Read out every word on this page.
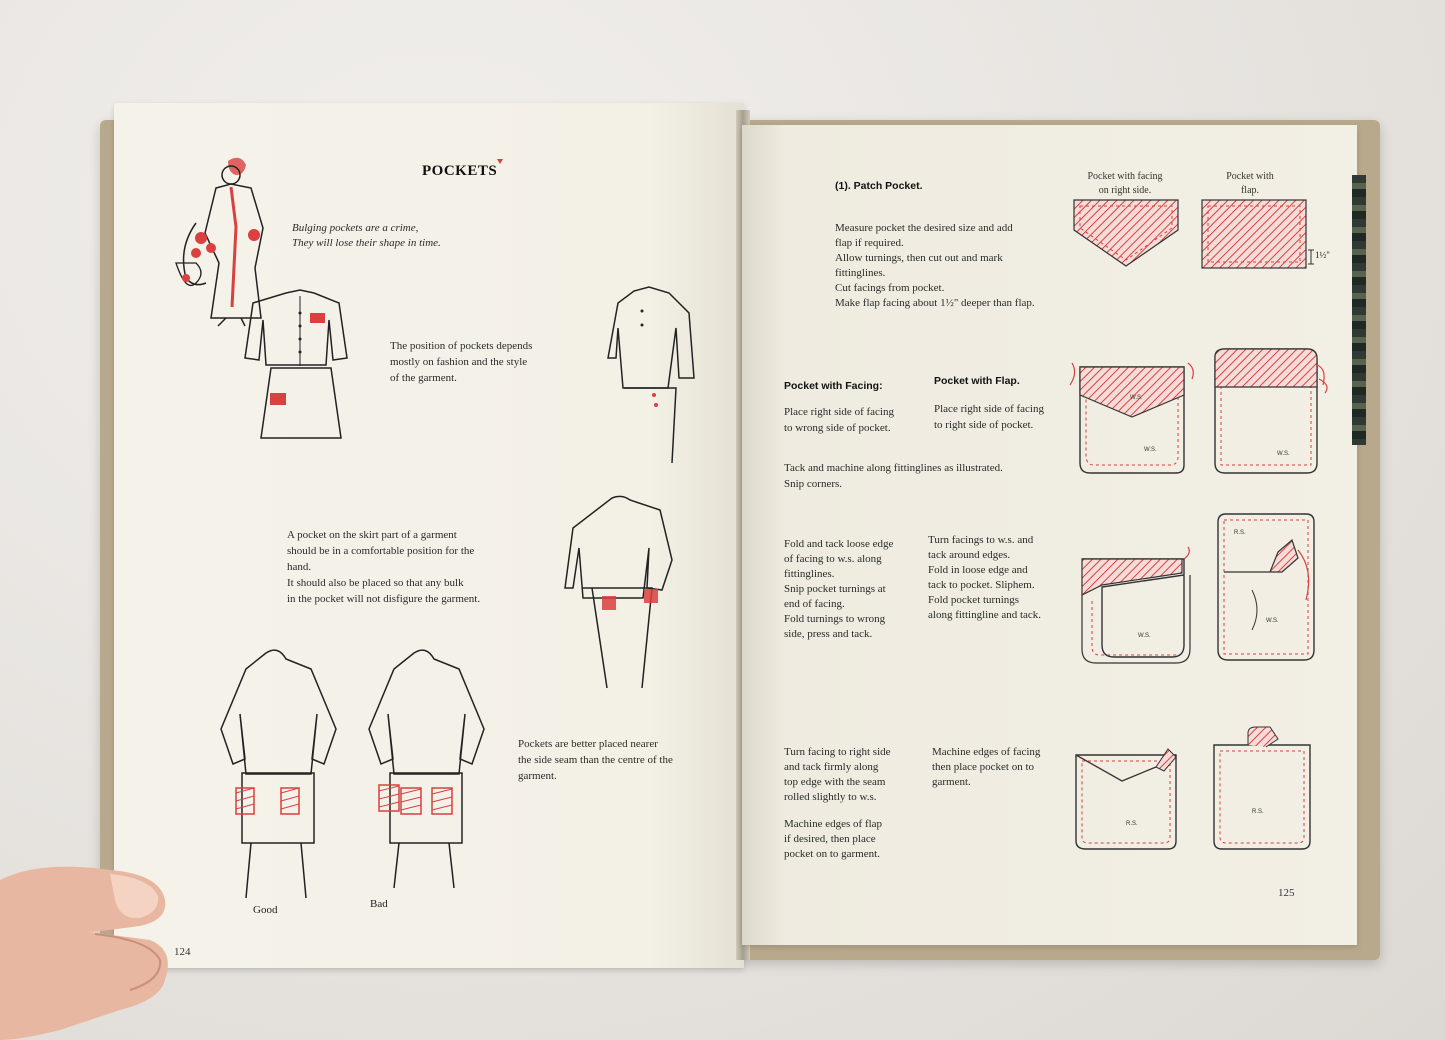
POCKETS
Bulging pockets are a crime,
They will lose their shape in time.
The position of pockets depends
mostly on fashion and the style
of the garment.
A pocket on the skirt part of a garment
should be in a comfortable position for the
hand.
It should also be placed so that any bulk
in the pocket will not disfigure the garment.
Good	Bad
Pockets are better placed nearer
the side seam than the centre of the
garment.
124
(1). Patch Pocket.
Measure pocket the desired size and add
flap if required.
Allow turnings, then cut out and mark
fittinglines.
Cut facings from pocket.
Make flap facing about 1½" deeper than flap.
Pocket with facing
on right side.
Pocket with
flap.
1½"
Pocket with Facing:	Pocket with Flap.
Place right side of facing
to wrong side of pocket.
Place right side of facing
to right side of pocket.
Tack and machine along fittinglines as illustrated.
Snip corners.
W.S.
W.S.
W.S.
Fold and tack loose edge
of facing to w.s. along
fittinglines.
Snip pocket turnings at
end of facing.
Fold turnings to wrong
side, press and tack.
Turn facings to w.s. and
tack around edges.
Fold in loose edge and
tack to pocket. Sliphem.
Fold pocket turnings
along fittingline and tack.
W.S.
R.S.
W.S.
Turn facing to right side
and tack firmly along
top edge with the seam
rolled slightly to w.s.
Machine edges of flap
if desired, then place
pocket on to garment.
Machine edges of facing
then place pocket on to
garment.
R.S.
R.S.
125
